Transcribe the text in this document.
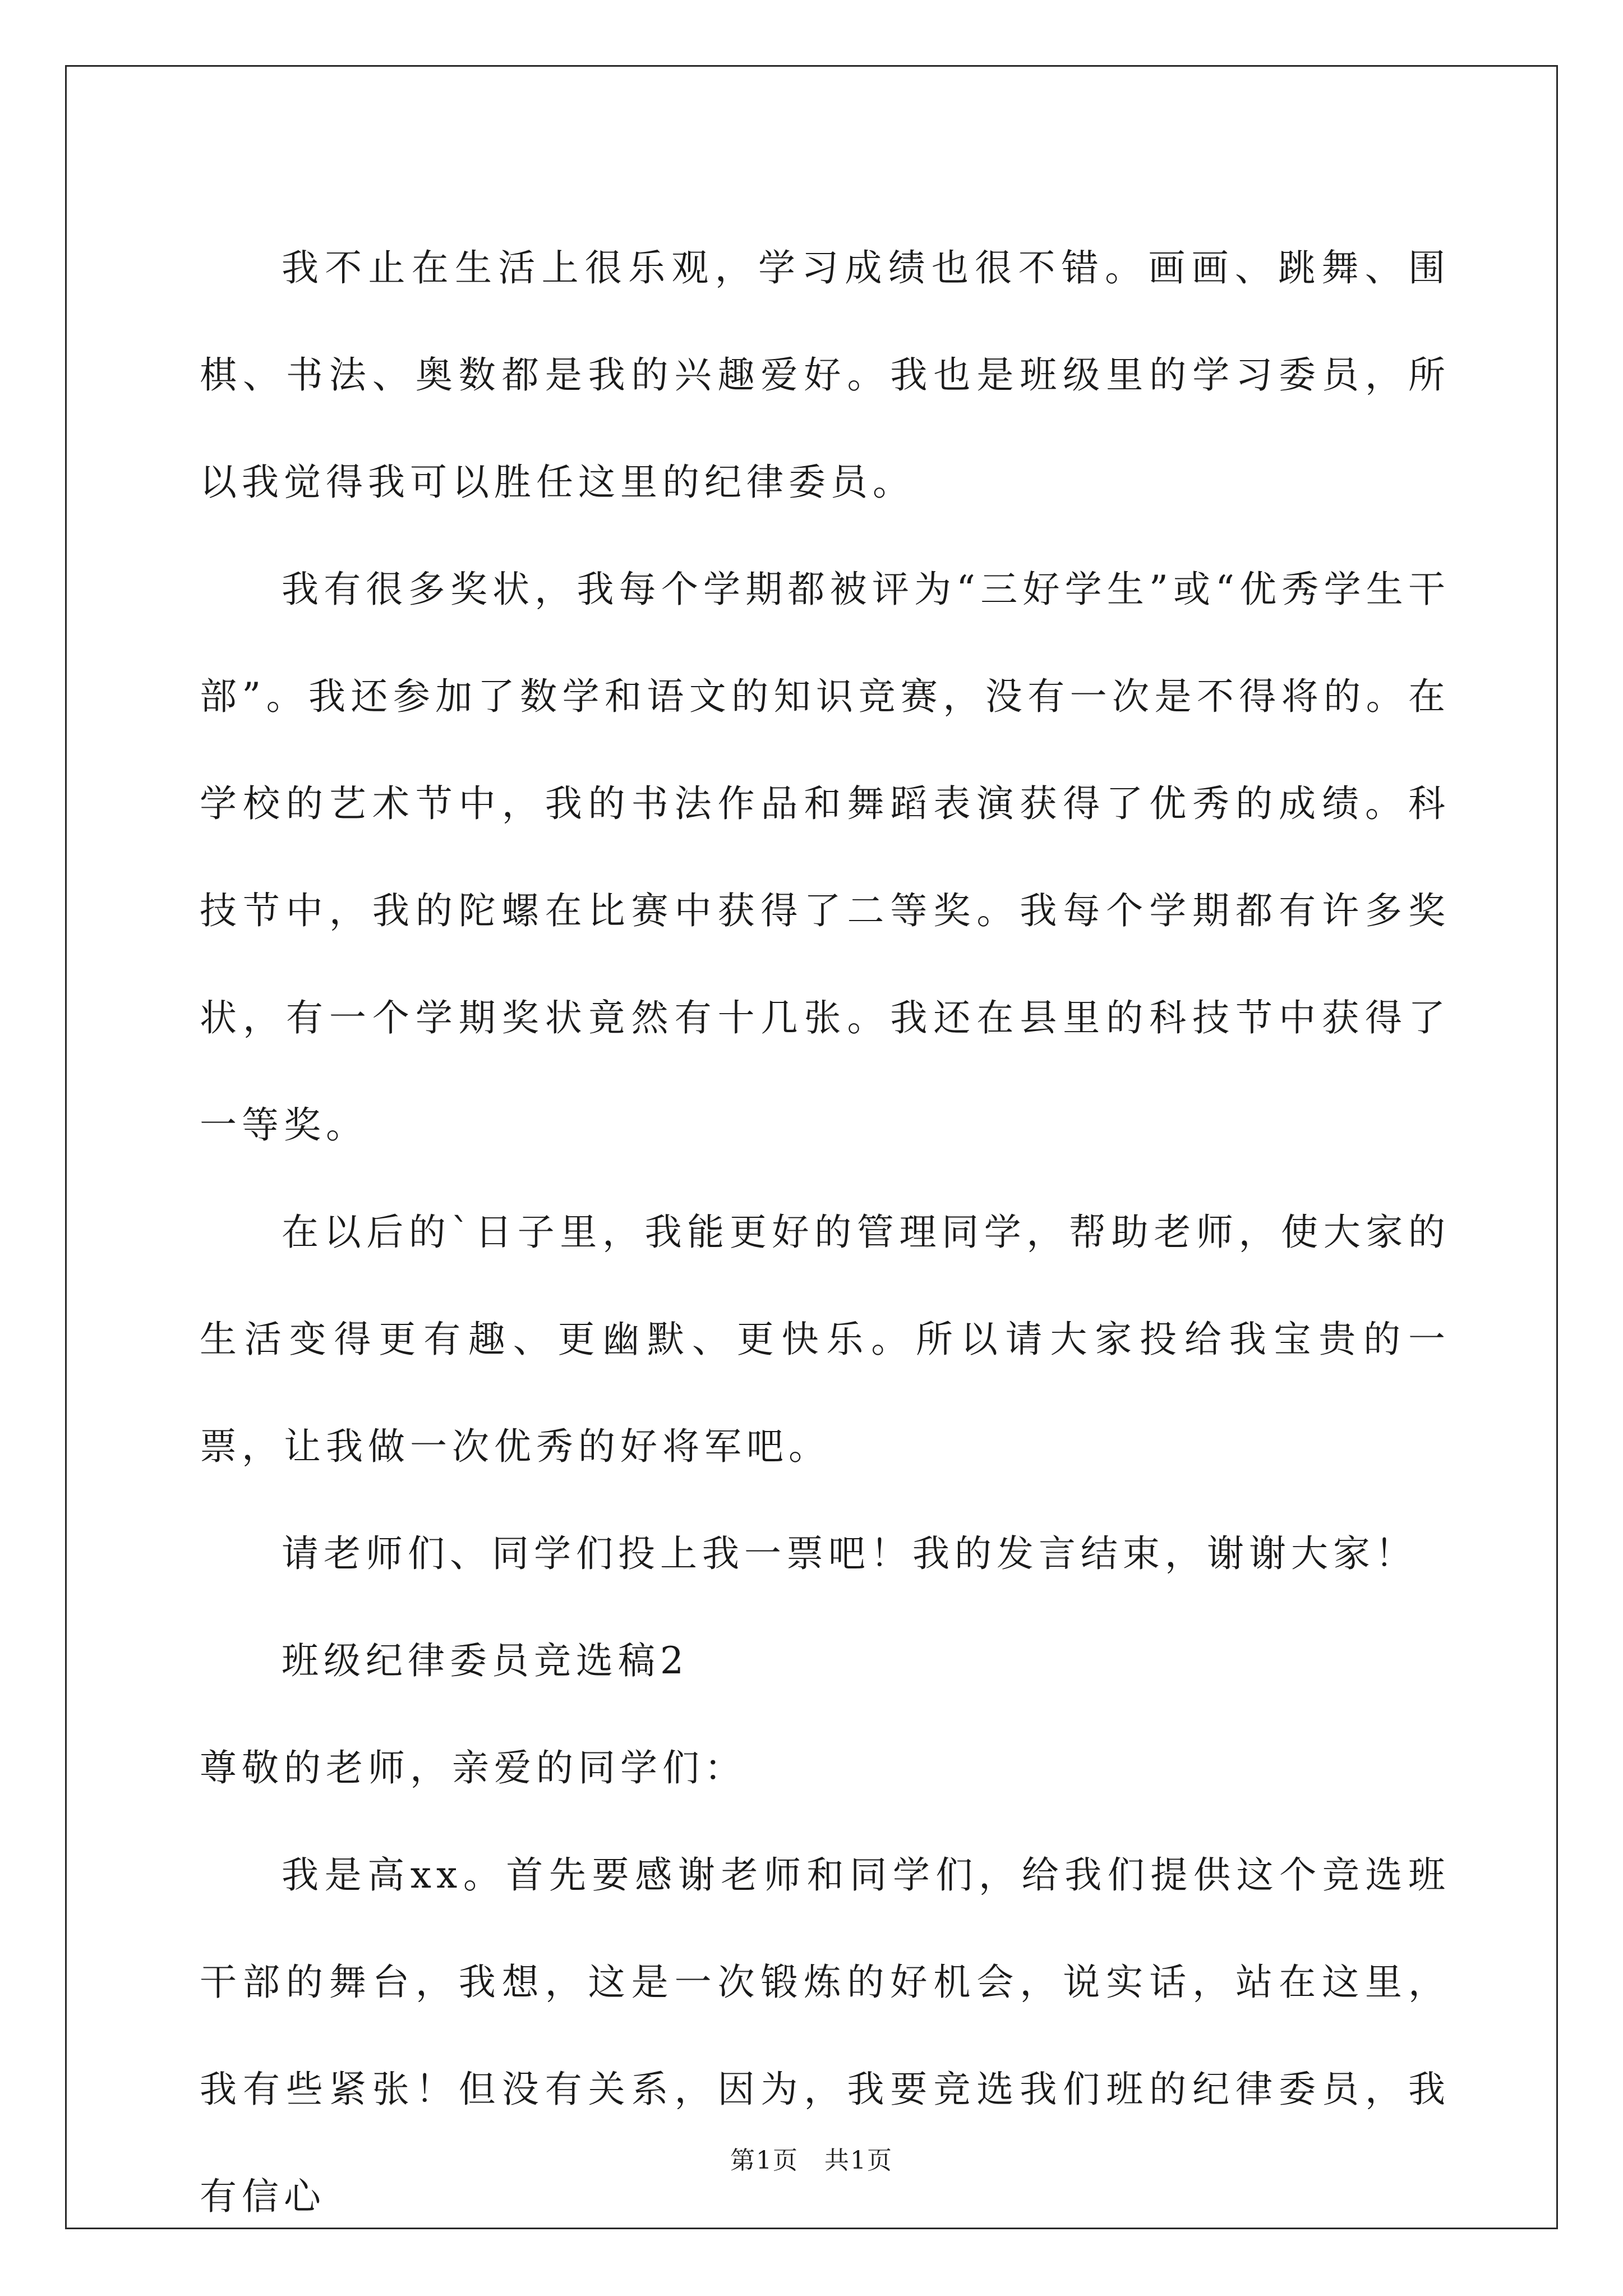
我不止在生活上很乐观，学习成绩也很不错。画画、跳舞、围棋、书法、奥数都是我的兴趣爱好。我也是班级里的学习委员，所以我觉得我可以胜任这里的纪律委员。

我有很多奖状，我每个学期都被评为“三好学生”或“优秀学生干部”。我还参加了数学和语文的知识竞赛，没有一次是不得将的。在学校的艺术节中，我的书法作品和舞蹈表演获得了优秀的成绩。科技节中，我的陀螺在比赛中获得了二等奖。我每个学期都有许多奖状，有一个学期奖状竟然有十几张。我还在县里的科技节中获得了一等奖。

在以后的`日子里，我能更好的管理同学，帮助老师，使大家的生活变得更有趣、更幽默、更快乐。所以请大家投给我宝贵的一票，让我做一次优秀的好将军吧。

请老师们、同学们投上我一票吧！我的发言结束，谢谢大家！

班级纪律委员竞选稿2

尊敬的老师，亲爱的同学们：

我是高xx。首先要感谢老师和同学们，给我们提供这个竞选班干部的舞台，我想，这是一次锻炼的好机会，说实话，站在这里，我有些紧张！但没有关系，因为，我要竞选我们班的纪律委员，我有信心

第1页　共1页
